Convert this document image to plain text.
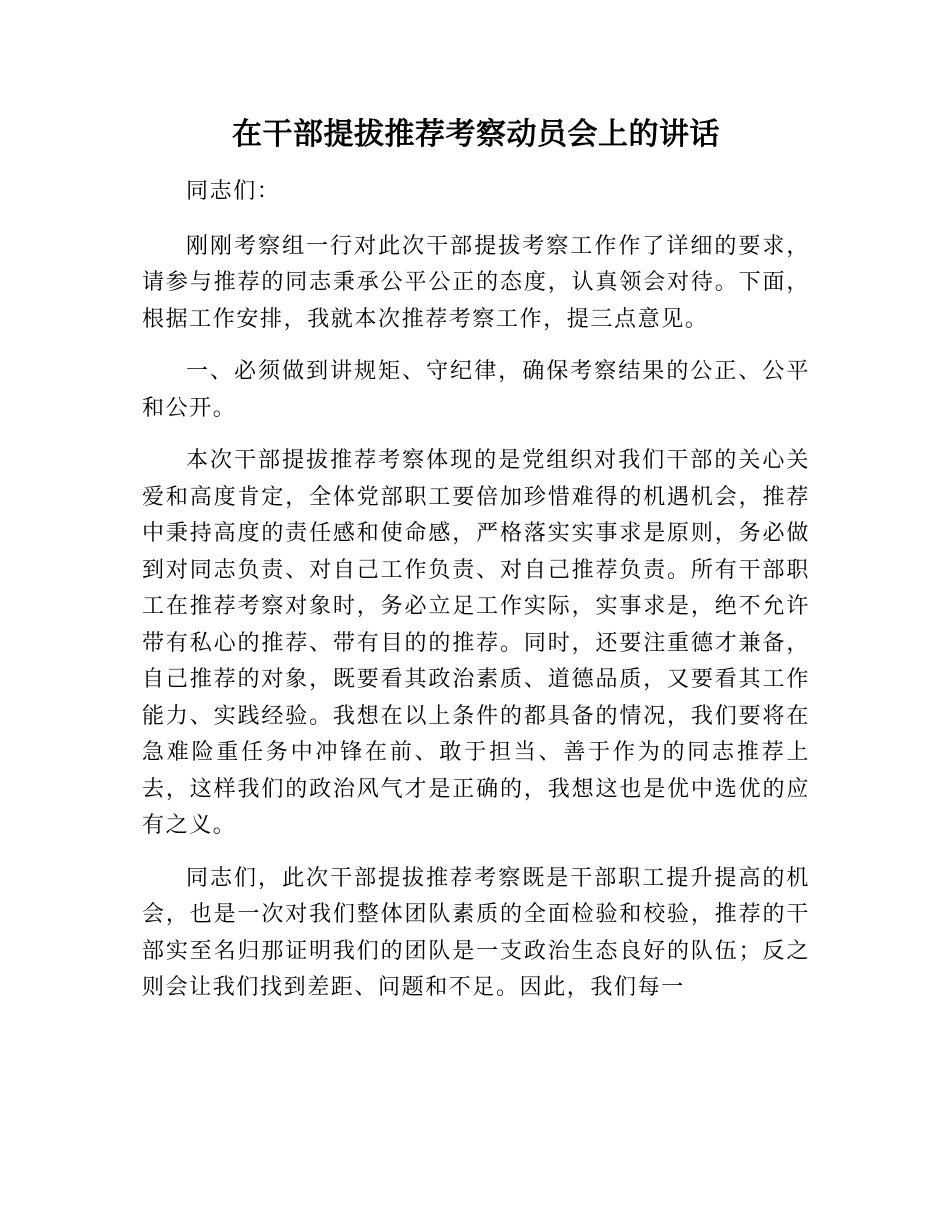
在干部提拔推荐考察动员会上的讲话

同志们：

刚刚考察组一行对此次干部提拔考察工作作了详细的要求，请参与推荐的同志秉承公平公正的态度，认真领会对待。下面，根据工作安排，我就本次推荐考察工作，提三点意见。

一、必须做到讲规矩、守纪律，确保考察结果的公正、公平和公开。

本次干部提拔推荐考察体现的是党组织对我们干部的关心关爱和高度肯定，全体党部职工要倍加珍惜难得的机遇机会，推荐中秉持高度的责任感和使命感，严格落实实事求是原则，务必做到对同志负责、对自己工作负责、对自己推荐负责。所有干部职工在推荐考察对象时，务必立足工作实际，实事求是，绝不允许带有私心的推荐、带有目的的推荐。同时，还要注重德才兼备，自己推荐的对象，既要看其政治素质、道德品质，又要看其工作能力、实践经验。我想在以上条件的都具备的情况，我们要将在急难险重任务中冲锋在前、敢于担当、善于作为的同志推荐上去，这样我们的政治风气才是正确的，我想这也是优中选优的应有之义。

同志们，此次干部提拔推荐考察既是干部职工提升提高的机会，也是一次对我们整体团队素质的全面检验和校验，推荐的干部实至名归那证明我们的团队是一支政治生态良好的队伍；反之则会让我们找到差距、问题和不足。因此，我们每一
